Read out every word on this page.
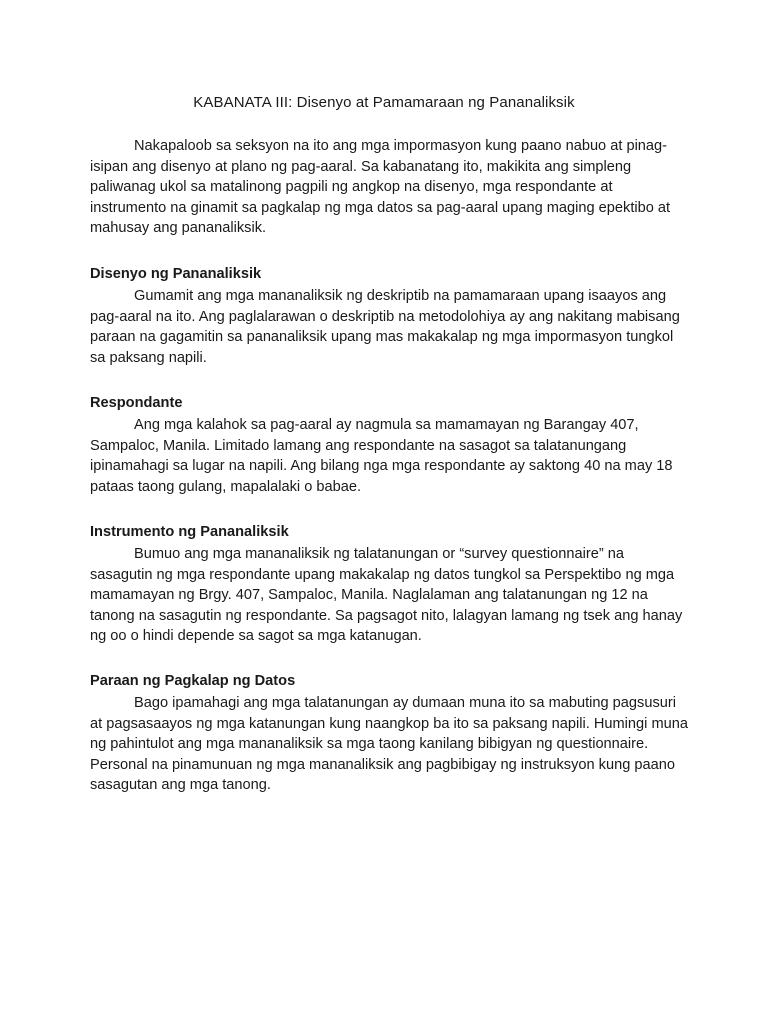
KABANATA III: Disenyo at Pamamaraan ng Pananaliksik

Nakapaloob sa seksyon na ito ang mga impormasyon kung paano nabuo at pinag-isipan ang disenyo at plano ng pag-aaral. Sa kabanatang ito, makikita ang simpleng paliwanag ukol sa matalinong pagpili ng angkop na disenyo, mga respondante at instrumento na ginamit sa pagkalap ng mga datos sa pag-aaral upang maging epektibo at mahusay ang pananaliksik.

Disenyo ng Pananaliksik

Gumamit ang mga mananaliksik ng deskriptib na pamamaraan upang isaayos ang pag-aaral na ito. Ang paglalarawan o deskriptib na metodolohiya ay ang nakitang mabisang paraan na gagamitin sa pananaliksik upang mas makakalap ng mga impormasyon tungkol sa paksang napili.

Respondante

Ang mga kalahok sa pag-aaral ay nagmula sa mamamayan ng Barangay 407, Sampaloc, Manila. Limitado lamang ang respondante na sasagot sa talatanungang ipinamahagi sa lugar na napili. Ang bilang nga mga respondante ay saktong 40 na may 18 pataas taong gulang, mapalalaki o babae.

Instrumento ng Pananaliksik

Bumuo ang mga mananaliksik ng talatanungan or “survey questionnaire” na sasagutin ng mga respondante upang makakalap ng datos tungkol sa Perspektibo ng mga mamamayan ng Brgy. 407, Sampaloc, Manila. Naglalaman ang talatanungan ng 12 na tanong na sasagutin ng respondante. Sa pagsagot nito, lalagyan lamang ng tsek ang hanay ng oo o hindi depende sa sagot sa mga katanugan.

Paraan ng Pagkalap ng Datos

Bago ipamahagi ang mga talatanungan ay dumaan muna ito sa mabuting pagsusuri at pagsasaayos ng mga katanungan kung naangkop ba ito sa paksang napili. Humingi muna ng pahintulot ang mga mananaliksik sa mga taong kanilang bibigyan ng questionnaire. Personal na pinamunuan ng mga mananaliksik ang pagbibigay ng instruksyon kung paano sasagutan ang mga tanong.
